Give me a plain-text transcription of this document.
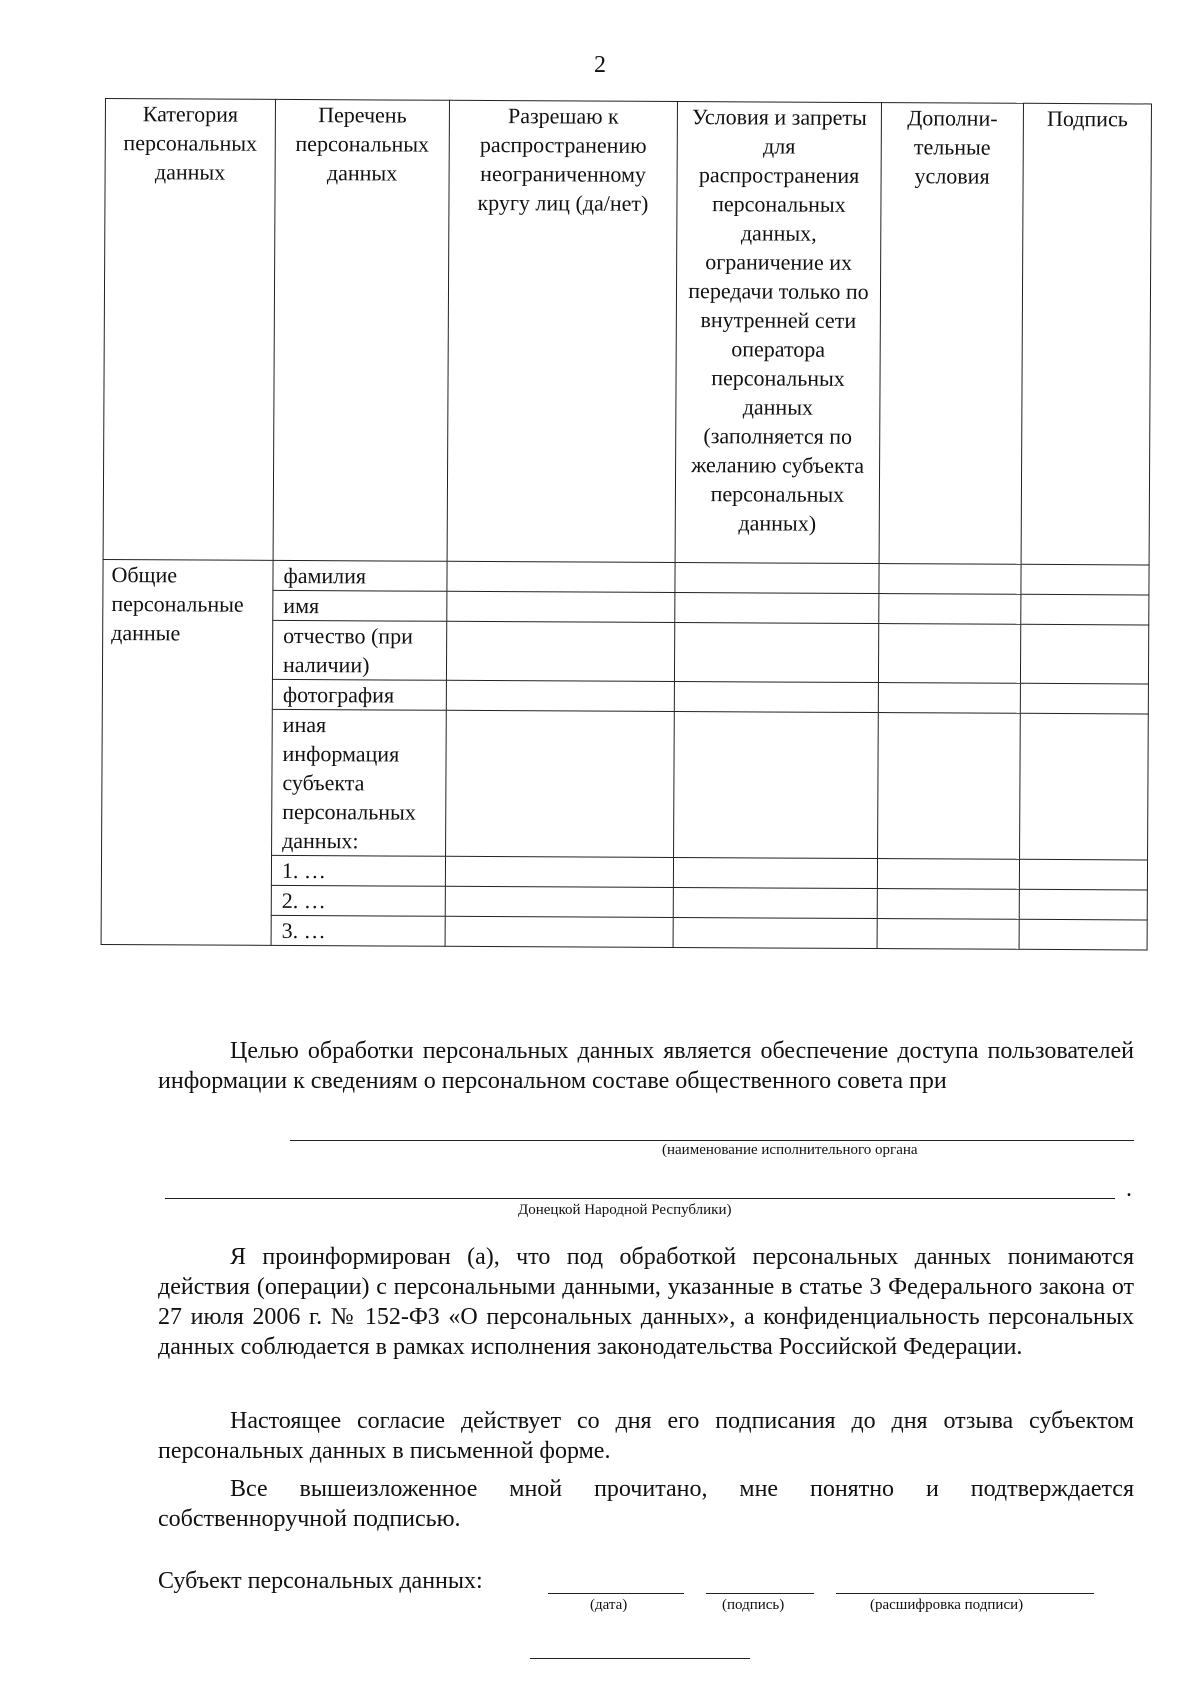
2
Категория персональных данных	Перечень персональных данных	Разрешаю к распространению неограниченному кругу лиц (да/нет)	Условия и запреты для распространения персональных данных, ограничение их передачи только по внутренней сети оператора персональных данных (заполняется по желанию субъекта персональных данных)	Дополни-тельные условия	Подпись
Общие персональные данные	фамилия				
	имя				
	отчество (при наличии)				
	фотография				
	иная информация субъекта персональных данных:				
	1. …				
	2. …				
	3. …				

Целью обработки персональных данных является обеспечение доступа пользователей информации к сведениям о персональном составе общественного совета при

(наименование исполнительного органа
.
Донецкой Народной Республики)

Я проинформирован (а), что под обработкой персональных данных понимаются действия (операции) с персональными данными, указанные в статье 3 Федерального закона от 27 июля 2006 г. № 152-ФЗ «О персональных данных», а конфиденциальность персональных данных соблюдается в рамках исполнения законодательства Российской Федерации.

Настоящее согласие действует со дня его подписания до дня отзыва субъектом персональных данных в письменной форме.

Все вышеизложенное мной прочитано, мне понятно и подтверждается собственноручной подписью.

Субъект персональных данных:
(дата)	(подпись)	(расшифровка подписи)
